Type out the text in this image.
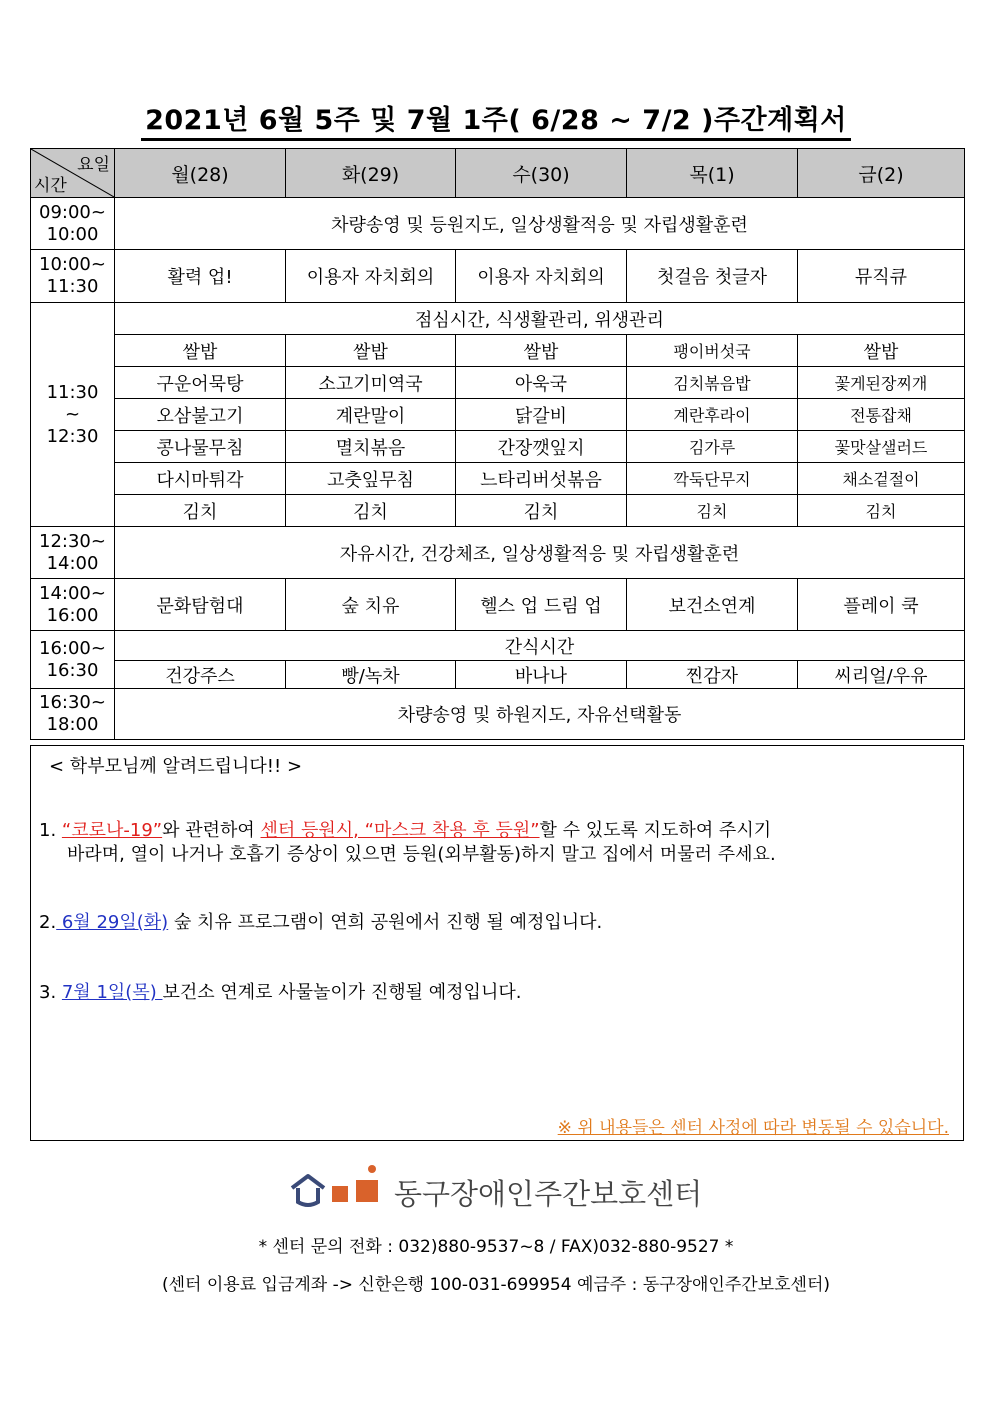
2021년 6월 5주 및 7월 1주( 6/28 ~ 7/2 )주간계획서
요일
시간	월(28)	화(29)	수(30)	목(1)	금(2)
09:00~
10:00	차량송영 및 등원지도, 일상생활적응 및 자립생활훈련				
10:00~
11:30	활력 업!	이용자 자치회의	이용자 자치회의	첫걸음 첫글자	뮤직큐
11:30
~
12:30	점심시간, 식생활관리, 위생관리				
	쌀밥	쌀밥	쌀밥	팽이버섯국	쌀밥
	구운어묵탕	소고기미역국	아욱국	김치볶음밥	꽃게된장찌개
	오삼불고기	계란말이	닭갈비	계란후라이	전통잡채
	콩나물무침	멸치볶음	간장깻잎지	김가루	꽃맛살샐러드
	다시마튀각	고춧잎무침	느타리버섯볶음	깍둑단무지	채소겉절이
	김치	김치	김치	김치	김치
12:30~
14:00	자유시간, 건강체조, 일상생활적응 및 자립생활훈련				
14:00~
16:00	문화탐험대	숲 치유	헬스 업 드림 업	보건소연계	플레이 쿡
16:00~
16:30	간식시간				
	건강주스	빵/녹차	바나나	찐감자	씨리얼/우유
16:30~
18:00	차량송영 및 하원지도, 자유선택활동				
< 학부모님께 알려드립니다!! >
1. “코로나-19”와 관련하여 센터 등원시, “마스크 착용 후 등원”할 수 있도록 지도하여 주시기
바라며, 열이 나거나 호흡기 증상이 있으면 등원(외부활동)하지 말고 집에서 머물러 주세요.
2. 6월 29일(화) 숲 치유 프로그램이 연희 공원에서 진행 될 예정입니다.
3. 7월 1일(목) 보건소 연계로 사물놀이가 진행될 예정입니다.
※ 위 내용들은 센터 사정에 따라 변동될 수 있습니다.
동구장애인주간보호센터
* 센터 문의 전화 : 032)880-9537~8 / FAX)032-880-9527 *
(센터 이용료 입금계좌 -> 신한은행 100-031-699954 예금주 : 동구장애인주간보호센터)
